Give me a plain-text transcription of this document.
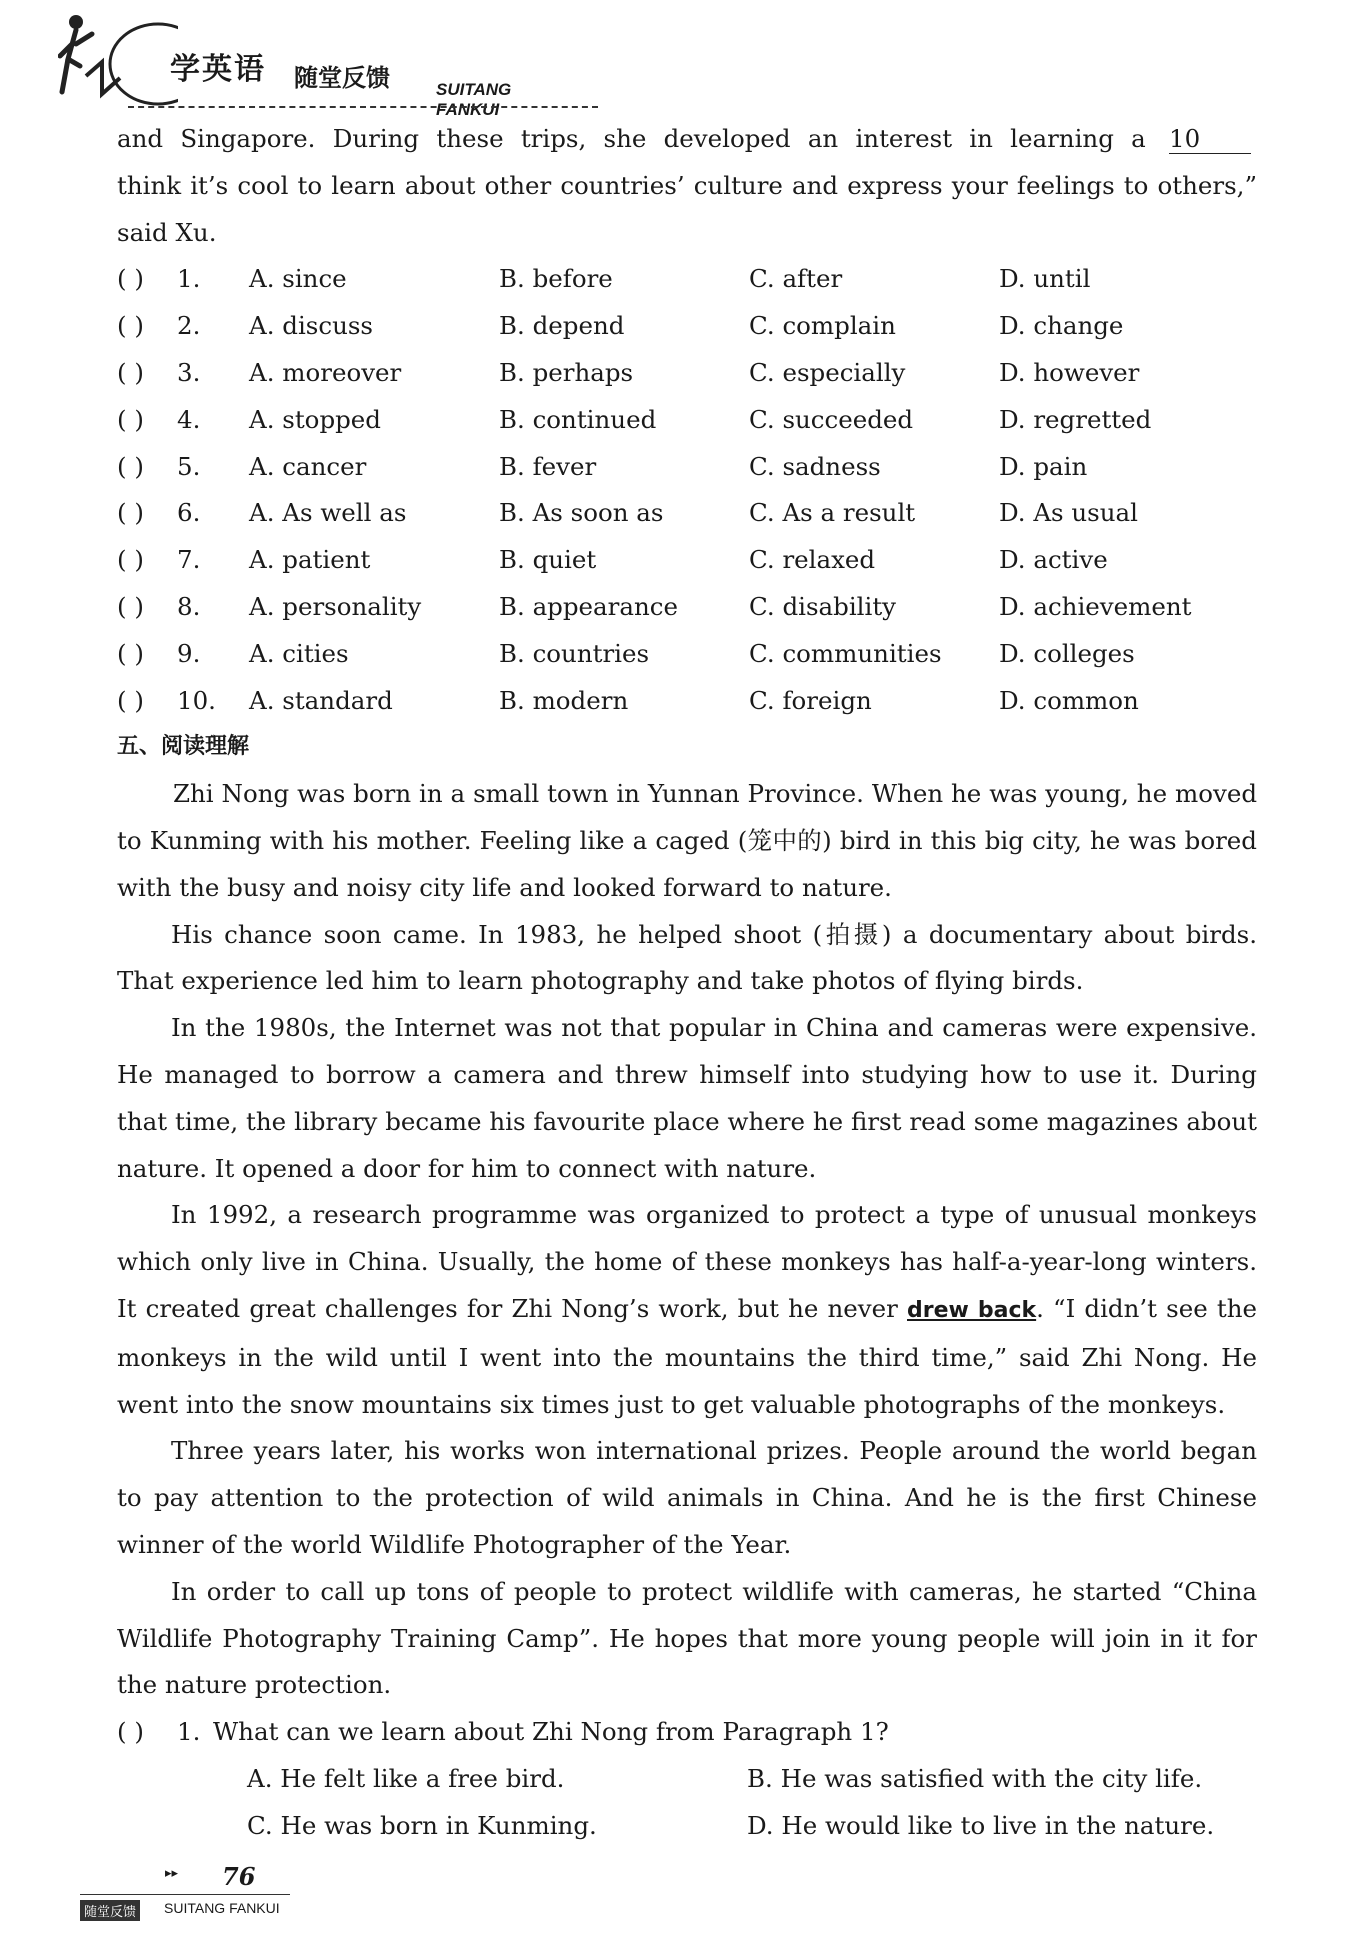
学英语 随堂反馈	SUITANG FANKUI
and Singapore. During these trips, she developed an interest in learning a 10
think it’s cool to learn about other countries’ culture and express your feelings to others,”
said Xu.
( ) 1. A. since	B. before	C. after	D. until
( ) 2. A. discuss	B. depend	C. complain	D. change
( ) 3. A. moreover	B. perhaps	C. especially	D. however
( ) 4. A. stopped	B. continued	C. succeeded	D. regretted
( ) 5. A. cancer	B. fever	C. sadness	D. pain
( ) 6. A. As well as	B. As soon as	C. As a result	D. As usual
( ) 7. A. patient	B. quiet	C. relaxed	D. active
( ) 8. A. personality	B. appearance	C. disability	D. achievement
( ) 9. A. cities	B. countries	C. communities D. colleges
( ) 10. A. standard	B. modern	C. foreign	D. common
五、阅读理解
Zhi Nong was born in a small town in Yunnan Province. When he was young, he moved to Kunming with his mother. Feeling like a caged (笼中的) bird in this big city, he was bored with the busy and noisy city life and looked forward to nature.
His chance soon came. In 1983, he helped shoot (拍摄) a documentary about birds. That experience led him to learn photography and take photos of flying birds.
In the 1980s, the Internet was not that popular in China and cameras were expensive. He managed to borrow a camera and threw himself into studying how to use it. During that time, the library became his favourite place where he first read some magazines about nature. It opened a door for him to connect with nature.
In 1992, a research programme was organized to protect a type of unusual monkeys which only live in China. Usually, the home of these monkeys has half-a-year-long winters. It created great challenges for Zhi Nong’s work, but he never drew back. “I didn’t see the monkeys in the wild until I went into the mountains the third time,” said Zhi Nong. He went into the snow mountains six times just to get valuable photographs of the monkeys.
Three years later, his works won international prizes. People around the world began to pay attention to the protection of wild animals in China. And he is the first Chinese winner of the world Wildlife Photographer of the Year.
In order to call up tons of people to protect wildlife with cameras, he started “China Wildlife Photography Training Camp”. He hopes that more young people will join in it for the nature protection.
( ) 1. What can we learn about Zhi Nong from Paragraph 1?
A. He felt like a free bird.	B. He was satisfied with the city life.
C. He was born in Kunming.	D. He would like to live in the nature.
▸▸ 76
随堂反馈 SUITANG FANKUI
